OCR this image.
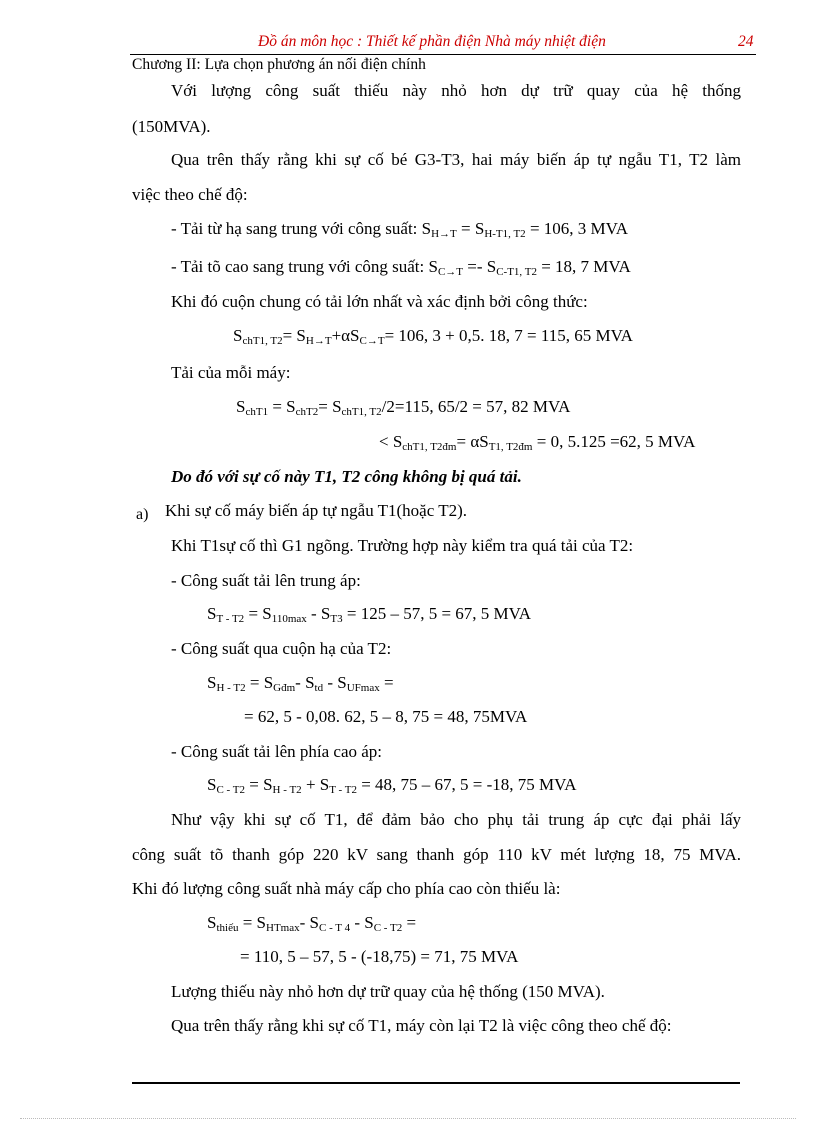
Đồ án môn học : Thiết kế phần điện Nhà máy nhiệt điện	24
Chương II: Lựa chọn phương án nối điện chính
Với lượng công suất thiếu này nhỏ hơn dự trữ quay của hệ thống
(150MVA).
Qua trên thấy rằng khi sự cố bé G3-T3, hai máy biến áp tự ngẫu T1, T2 làm
việc theo chế độ:
- Tải từ hạ sang trung với công suất: $S_{H\to T} = S_{H-T1, T2} = 106$, 3 MVA
- Tải tõ cao sang trung với công suất: $S_{C\to T} =- S_{C-T1, T2} = 18$, 7 MVA
Khi đó cuộn chung có tải lớn nhất và xác định bởi công thức:
$S_{chT1, T2}= S_{H\to T}+\alpha S_{C\to T}= 106$, 3 + 0,5. 18, 7 = 115, 65 MVA
Tải của mỗi máy:
$S_{chT1} = S_{chT2}= S_{chT1, T2}/2=115$, 65/2 = 57, 82 MVA
< $S_{chT1, T2đm}= \alpha S_{T1, T2đm} = 0$, 5.125 =62, 5 MVA
Do đó với sự cố này T1, T2 công không bị quá tải.
a) Khi sự cố máy biến áp tự ngẫu T1(hoặc T2).
Khi T1sự cố thì G1 ngõng. Trường hợp này kiểm tra quá tải của T2:
- Công suất tải lên trung áp:
$S_{T - T2} = S_{110max} - S_{T3} = 125 - 57$, 5 = 67, 5 MVA
- Công suất qua cuộn hạ của T2:
$S_{H - T2} = S_{Gđm}-$ $S_{td} - S_{UFmax}$ =
= 62, 5 - 0,08. 62, 5 – 8, 75 = 48, 75MVA
- Công suất tải lên phía cao áp:
$S_{C - T2} = S_{H - T2} + S_{T - T2} = 48$, 75 – 67, 5 = -18, 75 MVA
Như vậy khi sự cố T1, để đảm bảo cho phụ tải trung áp cực đại phải lấy
công suất tõ thanh góp 220 kV sang thanh góp 110 kV mét lượng 18, 75 MVA.
Khi đó lượng công suất nhà máy cấp cho phía cao còn thiếu là:
$S_{thiếu} = S_{HTmax}-$ $S_{C - T 4} - S_{C - T2}$ =
= 110, 5 – 57, 5 - (-18,75) = 71, 75 MVA
Lượng thiếu này nhỏ hơn dự trữ quay của hệ thống (150 MVA).
Qua trên thấy rằng khi sự cố T1, máy còn lại T2 là việc công theo chế độ:
